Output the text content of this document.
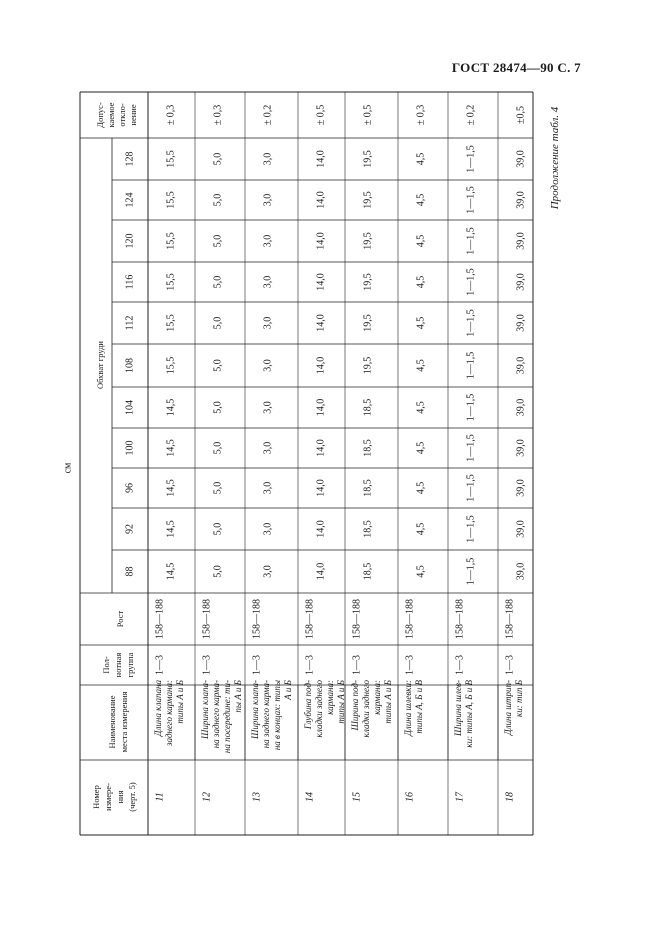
ГОСТ 28474—90 С. 7
Номер измере- ния (черт. 5)
Наименование места измерения
Пол- нотная группа
Рост
Обхват груди
Допус- каемое откло- нение
88
92
96
100
104
108
112
116
120
124
128
11
Длина клапана заднего кармана: типы А и Б
1—3
158—188
14,5
14,5
14,5
14,5
14,5
15,5
15,5
15,5
15,5
15,5
15,5
± 0,3
12
Ширина клапа- на заднего карма- на посередине: ти- пы А и Б
1—3
158—188
5,0
5,0
5,0
5,0
5,0
5,0
5,0
5,0
5,0
5,0
5,0
± 0,3
13
Ширина клапа- на заднего карма- на в концах: типы А и Б
1—3
158—188
3,0
3,0
3,0
3,0
3,0
3,0
3,0
3,0
3,0
3,0
3,0
± 0,2
14
Глубина под- кладки заднего кармана: типы А и Б
1—3
158—188
14,0
14,0
14,0
14,0
14,0
14,0
14,0
14,0
14,0
14,0
14,0
± 0,5
15
Ширина под- кладки заднего кармана: типы А и Б
1—3
158—188
18,5
18,5
18,5
18,5
18,5
19,5
19,5
19,5
19,5
19,5
19,5
± 0,5
16
Длина шлевки: типы А, Б и В
1—3
158—188
4,5
4,5
4,5
4,5
4,5
4,5
4,5
4,5
4,5
4,5
4,5
± 0,3
17
Ширина шлев- ки: типы А, Б и В
1—3
158—188
1—1,5
1—1,5
1—1,5
1—1,5
1—1,5
1—1,5
1—1,5
1—1,5
1—1,5
1—1,5
1—1,5
± 0,2
18
Длина штрип- ки: тип Б
1—3
158—188
39,0
39,0
39,0
39,0
39,0
39,0
39,0
39,0
39,0
39,0
39,0
±0,5
см
Продолжение табл. 4
